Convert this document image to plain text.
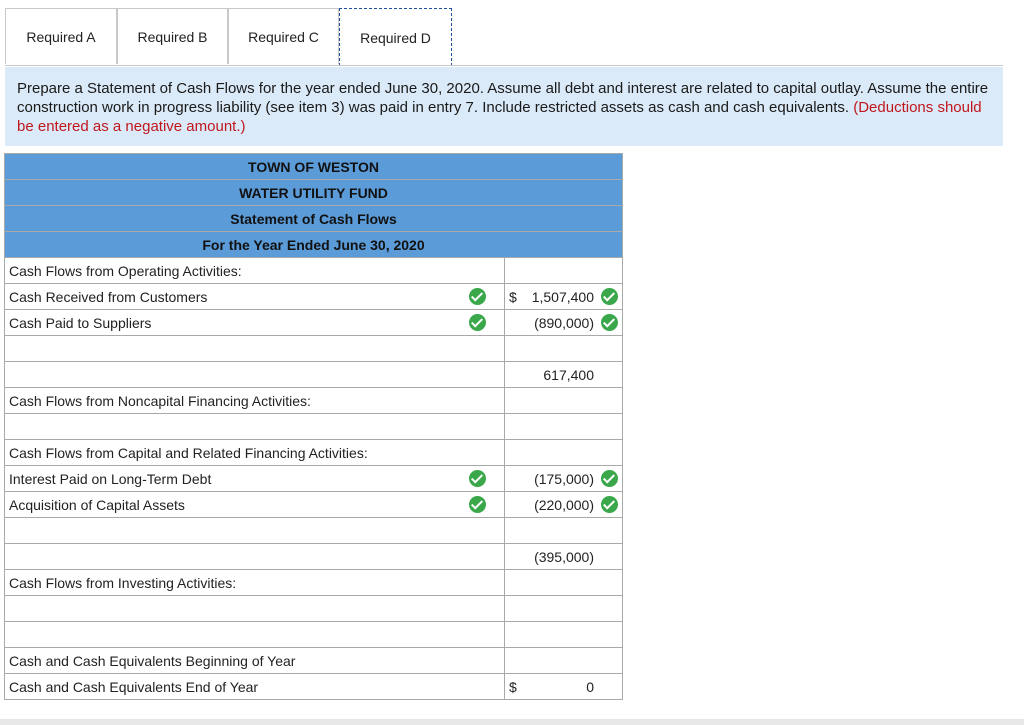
Required A	Required B	Required C	Required D
Prepare a Statement of Cash Flows for the year ended June 30, 2020. Assume all debt and interest are related to capital outlay. Assume the entire construction work in progress liability (see item 3) was paid in entry 7. Include restricted assets as cash and cash equivalents. (Deductions should be entered as a negative amount.)
TOWN OF WESTON		
WATER UTILITY FUND		
Statement of Cash Flows		
For the Year Ended June 30, 2020		
Cash Flows from Operating Activities:		
Cash Received from Customers		$ 1,507,400

Cash Paid to Suppliers		(890,000)

		617,400
Cash Flows from Noncapital Financing Activities:		

Cash Flows from Capital and Related Financing Activities:		
Interest Paid on Long-Term Debt		(175,000)

Acquisition of Capital Assets		(220,000)

		(395,000)
Cash Flows from Investing Activities:		

Cash and Cash Equivalents Beginning of Year		
Cash and Cash Equivalents End of Year		$ 0
